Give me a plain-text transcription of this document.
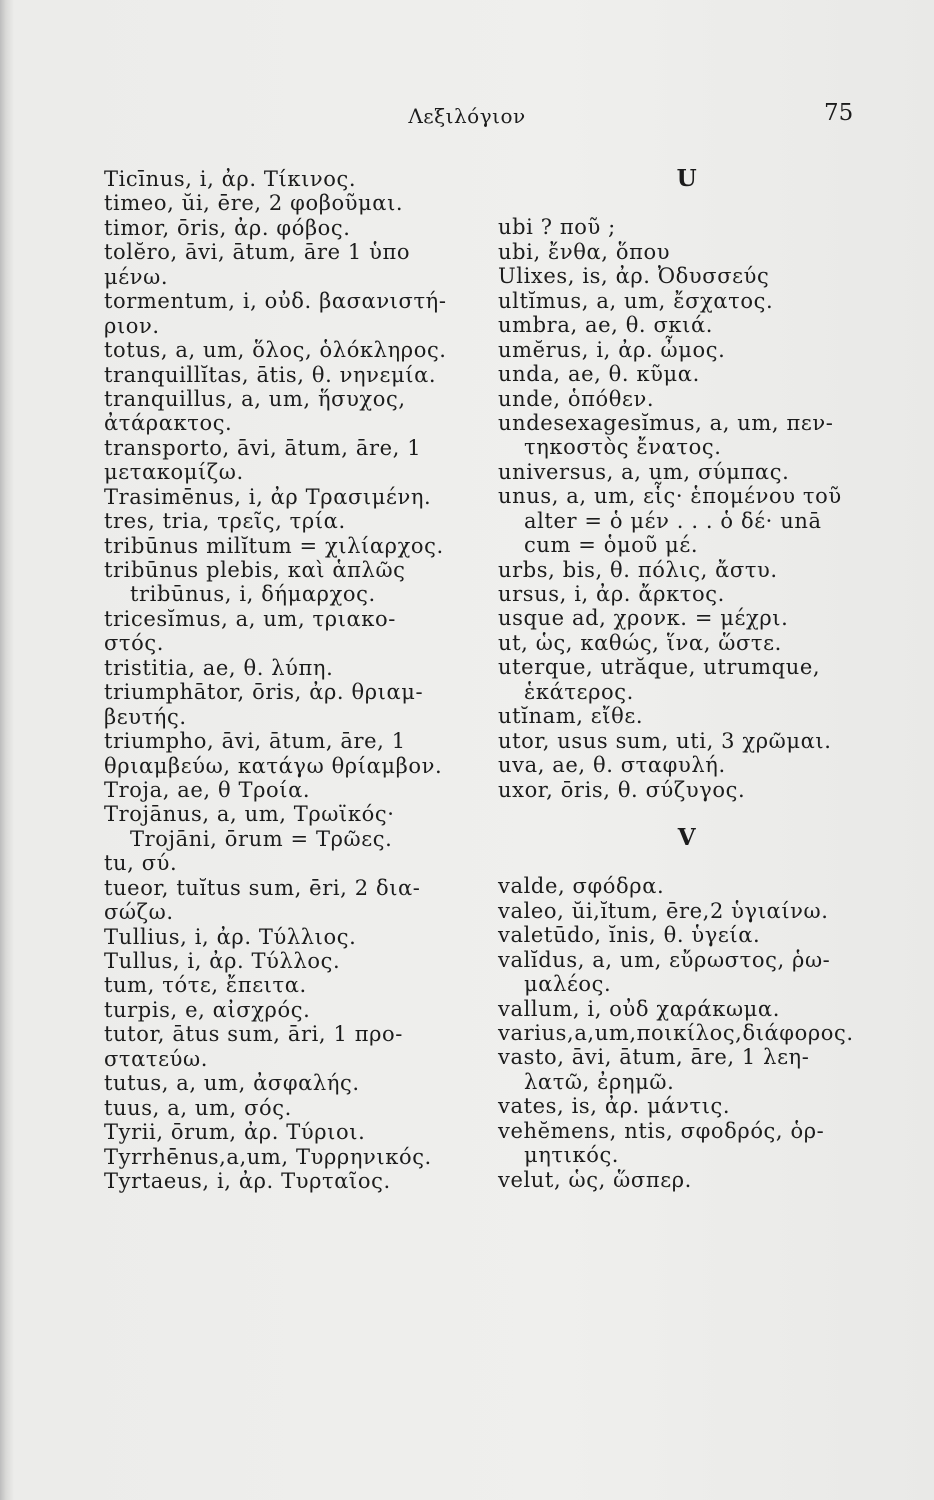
Λεξιλόγιον	75
Ticīnus, i, ἀρ. Τίκινος.
timeo, ŭi, ēre, 2 φοβοῦμαι.
timor, ōris, ἀρ. φόβος.
tolĕro, āvi, ātum, āre 1 ὑπο
μένω.
tormentum, i, οὐδ. βασανιστή-
ριον.
totus, a, um, ὅλος, ὁλόκληρος.
tranquillĭtas, ātis, θ. νηνεμία.
tranquillus, a, um, ἥσυχος,
ἀτάρακτος.
transporto, āvi, ātum, āre, 1
μετακομίζω.
Trasimēnus, i, ἀρ Τρασιμένη.
tres, tria, τρεῖς, τρία.
tribūnus milĭtum = χιλίαρχος.
tribūnus plebis, καὶ ἁπλῶς
tribūnus, i, δήμαρχος.
tricesĭmus, a, um, τριακο-
στός.
tristitia, ae, θ. λύπη.
triumphātor, ōris, ἀρ. θριαμ-
βευτής.
triumpho, āvi, ātum, āre, 1
θριαμβεύω, κατάγω θρίαμβον.
Troja, ae, θ Τροία.
Trojānus, a, um, Τρωϊκός·
Trojāni, ōrum = Τρῶες.
tu, σύ.
tueor, tuĭtus sum, ēri, 2 δια-
σώζω.
Tullius, i, ἀρ. Τύλλιος.
Tullus, i, ἀρ. Τύλλος.
tum, τότε, ἔπειτα.
turpis, e, αἰσχρός.
tutor, ātus sum, āri, 1 προ-
στατεύω.
tutus, a, um, ἀσφαλής.
tuus, a, um, σός.
Tyrii, ōrum, ἀρ. Τύριοι.
Tyrrhēnus,a,um, Τυρρηνικός.
Tyrtaeus, i, ἀρ. Τυρταῖος.
U
ubi ? ποῦ ;
ubi, ἔνθα, ὅπου
Ulixes, is, ἀρ. Ὀδυσσεύς
ultĭmus, a, um, ἔσχατος.
umbra, ae, θ. σκιά.
umĕrus, i, ἀρ. ὦμος.
unda, ae, θ. κῦμα.
unde, ὁπόθεν.
undesexagesĭmus, a, um, πεν-
τηκοστὸς ἔνατος.
universus, a, um, σύμπας.
unus, a, um, εἷς· ἑπομένου τοῦ
alter = ὁ μέν . . . ὁ δέ· unā
cum = ὁμοῦ μέ.
urbs, bis, θ. πόλις, ἄστυ.
ursus, i, ἀρ. ἄρκτος.
usque ad, χρονκ. = μέχρι.
ut, ὡς, καθώς, ἵνα, ὥστε.
uterque, utrăque, utrumque,
ἑκάτερος.
utĭnam, εἴθε.
utor, usus sum, uti, 3 χρῶμαι.
uva, ae, θ. σταφυλή.
uxor, ōris, θ. σύζυγος.
V
valde, σφόδρα.
valeo, ŭi,ĭtum, ēre,2 ὑγιαίνω.
valetūdo, ĭnis, θ. ὑγεία.
valĭdus, a, um, εὔρωστος, ῥω-
μαλέος.
vallum, i, οὐδ χαράκωμα.
varius,a,um,ποικίλος,διάφορος.
vasto, āvi, ātum, āre, 1 λεη-
λατῶ, ἐρημῶ.
vates, is, ἀρ. μάντις.
vehĕmens, ntis, σφοδρός, ὁρ-
μητικός.
velut, ὡς, ὥσπερ.
